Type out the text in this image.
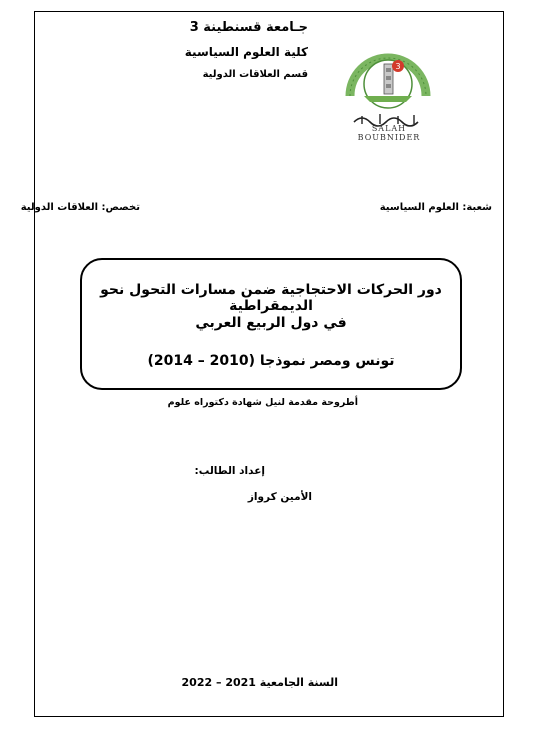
جـامعة قسنطينة 3
كلية العلوم السياسية
قسم العلاقات الدولية
3
SALAH BOUBNIDER
شعبة: العلوم السياسية
تخصص: العلاقات الدولية
دور الحركات الاحتجاجية ضمن مسارات التحول نحو الديمقراطية
في دول الربيع العربي
تونس ومصر نموذجا (2010 – 2014)
أطروحة مقدمة لنيل شهادة دكتوراه علوم
إعداد الطالب:
الأمين كرواز
السنة الجامعية 2021 – 2022
